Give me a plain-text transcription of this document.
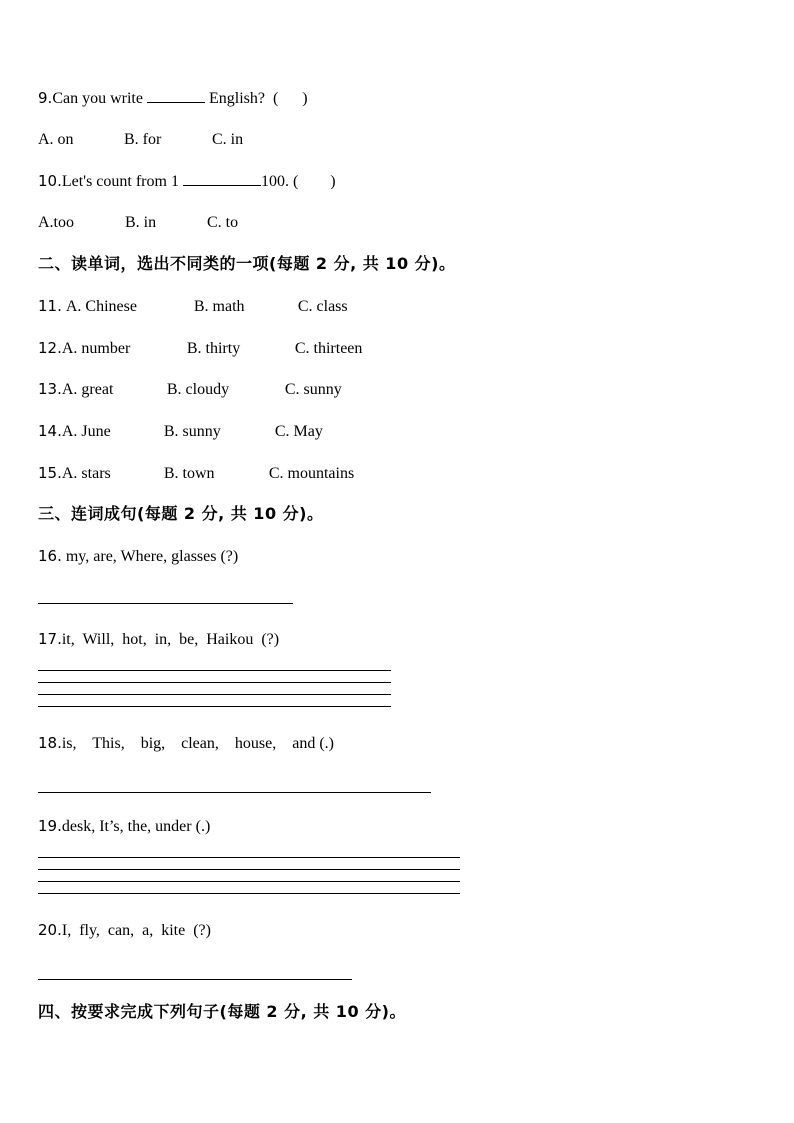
9.Can you write	English? (      )
A. on	B. for	C. in
10.Let's count from 1	100. (        )
A.too	B. in	C. to
二、读单词，选出不同类的一项(每题 2 分, 共 10 分)。
11. A. Chinese	B. math	C. class
12.A. number	B. thirty	C. thirteen
13.A. great	B. cloudy	C. sunny
14.A. June	B. sunny	C. May
15.A. stars	B. town	C. mountains
三、连词成句(每题 2 分, 共 10 分)。
16. my, are, Where, glasses (?)
17.it,  Will,  hot,  in,  be,  Haikou  (?)
18.is,    This,    big,    clean,    house,    and (.)
19.desk, It’s, the, under (.)
20.I,  fly,  can,  a,  kite  (?)
四、按要求完成下列句子(每题 2 分, 共 10 分)。
